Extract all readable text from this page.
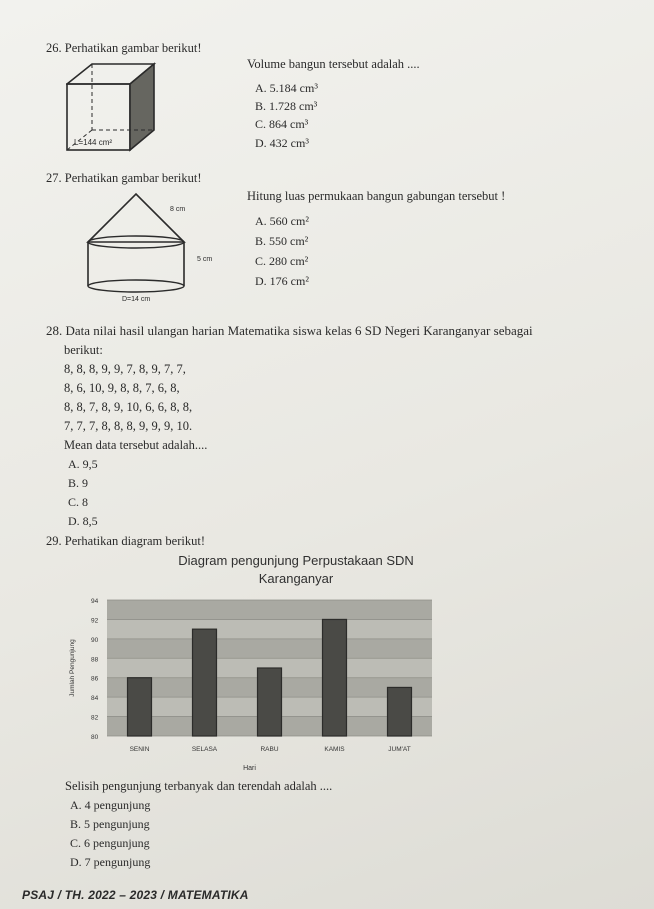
26. Perhatikan gambar berikut!
L=144 cm²
Volume bangun tersebut adalah ....
A. 5.184 cm³
B. 1.728 cm³
C. 864 cm³
D. 432 cm³
27. Perhatikan gambar berikut!
8 cm
5 cm
D=14 cm
Hitung luas permukaan bangun gabungan tersebut !
A. 560 cm²
B. 550 cm²
C. 280 cm²
D. 176 cm²
28. Data nilai hasil ulangan harian Matematika siswa kelas 6 SD Negeri Karanganyar sebagai
berikut:
8, 8, 8, 9, 9, 7, 8, 9, 7, 7,
8, 6, 10, 9, 8, 8, 7, 6, 8,
8, 8, 7, 8, 9, 10, 6, 6, 8, 8,
7, 7, 7, 8, 8, 8, 9, 9, 9, 10.
Mean data tersebut adalah....
A. 9,5
B. 9
C. 8
D. 8,5
29. Perhatikan diagram berikut!
Diagram pengunjung Perpustakaan SDN
Karanganyar
80
82
84
86
88
90
92
94
SENIN	SELASA	RABU	KAMIS	JUM'AT
Hari
Jumlah Pengunjung
Selisih pengunjung terbanyak dan terendah adalah ....
A. 4 pengunjung
B. 5 pengunjung
C. 6 pengunjung
D. 7 pengunjung
PSAJ / TH. 2022 – 2023 / MATEMATIKA
